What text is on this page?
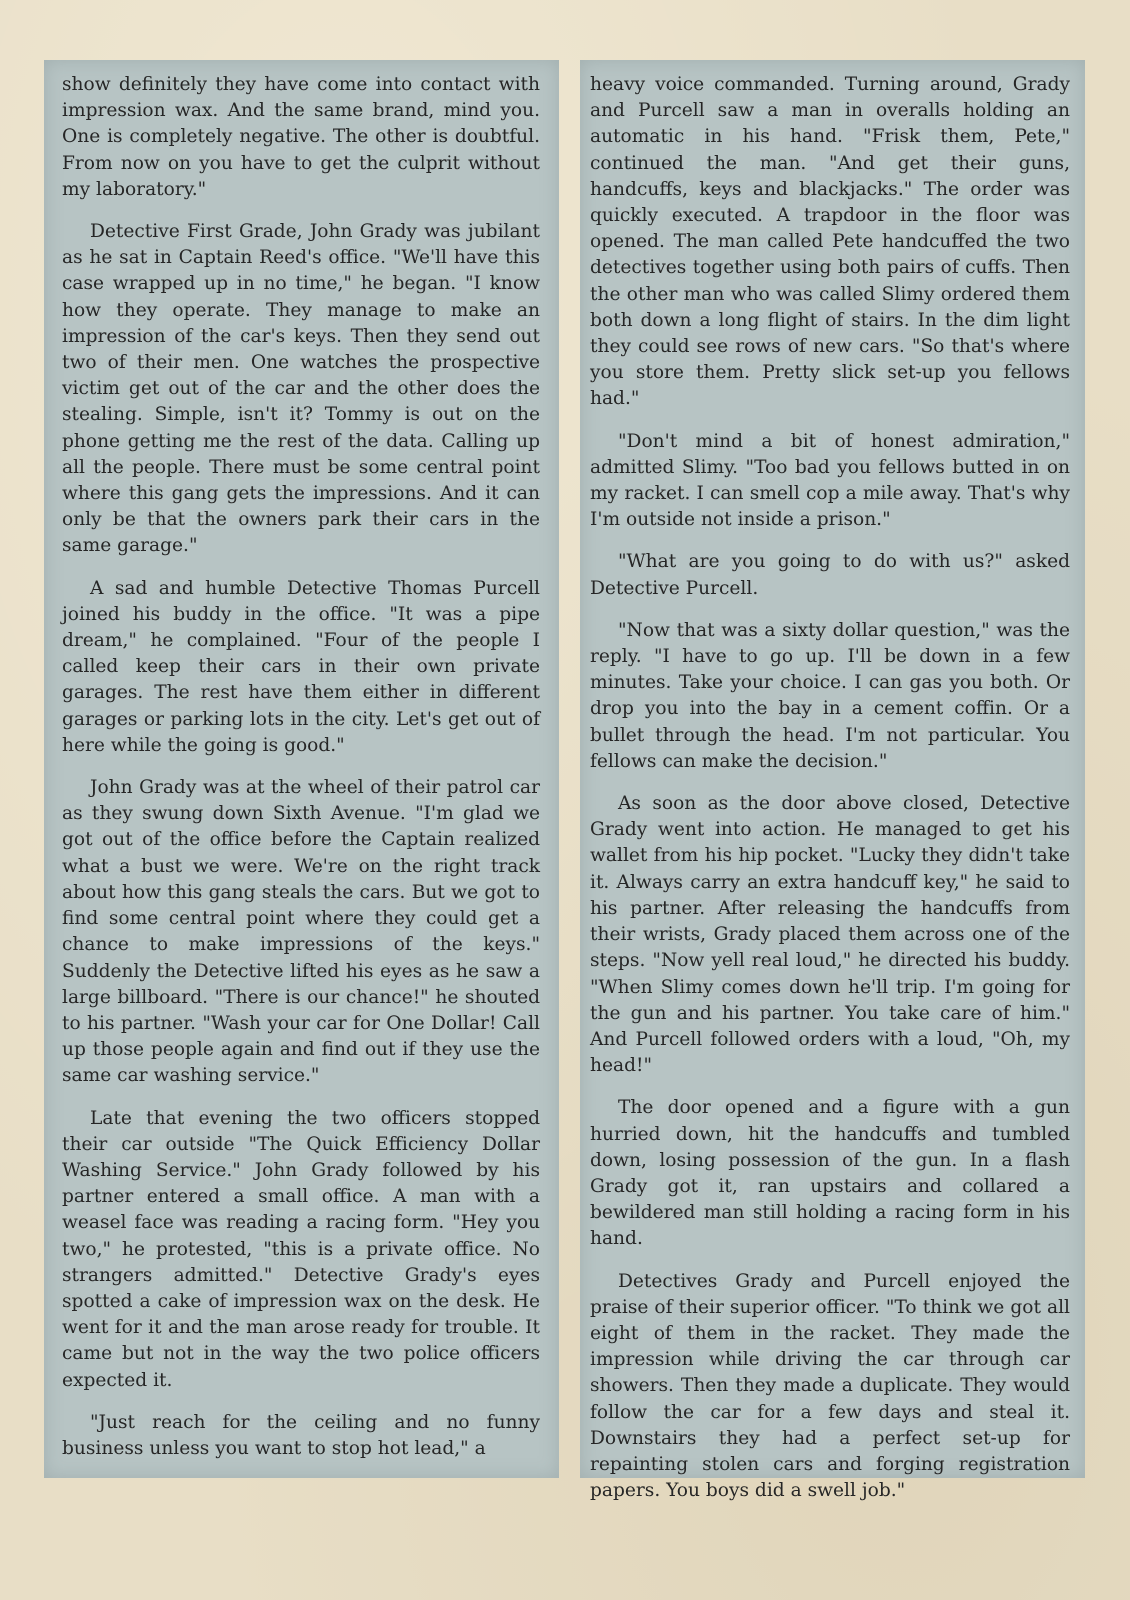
show definitely they have come into contact with impression wax. And the same brand, mind you. One is completely negative. The other is doubtful. From now on you have to get the culprit without my laboratory."

Detective First Grade, John Grady was jubilant as he sat in Captain Reed's office. "We'll have this case wrapped up in no time," he began. "I know how they operate. They manage to make an impression of the car's keys. Then they send out two of their men. One watches the prospective victim get out of the car and the other does the stealing. Simple, isn't it? Tommy is out on the phone getting me the rest of the data. Calling up all the people. There must be some central point where this gang gets the impressions. And it can only be that the owners park their cars in the same garage."

A sad and humble Detective Thomas Purcell joined his buddy in the office. "It was a pipe dream," he complained. "Four of the people I called keep their cars in their own private garages. The rest have them either in different garages or parking lots in the city. Let's get out of here while the going is good."

John Grady was at the wheel of their patrol car as they swung down Sixth Avenue. "I'm glad we got out of the office before the Captain realized what a bust we were. We're on the right track about how this gang steals the cars. But we got to find some central point where they could get a chance to make impressions of the keys." Suddenly the Detective lifted his eyes as he saw a large billboard. "There is our chance!" he shouted to his partner. "Wash your car for One Dollar! Call up those people again and find out if they use the same car washing service."

Late that evening the two officers stopped their car outside "The Quick Efficiency Dollar Washing Service." John Grady followed by his partner entered a small office. A man with a weasel face was reading a racing form. "Hey you two," he protested, "this is a private office. No strangers admitted." Detective Grady's eyes spotted a cake of impression wax on the desk. He went for it and the man arose ready for trouble. It came but not in the way the two police officers expected it.

"Just reach for the ceiling and no funny business unless you want to stop hot lead," a

heavy voice commanded. Turning around, Grady and Purcell saw a man in overalls holding an automatic in his hand. "Frisk them, Pete," continued the man. "And get their guns, handcuffs, keys and blackjacks." The order was quickly executed. A trapdoor in the floor was opened. The man called Pete handcuffed the two detectives together using both pairs of cuffs. Then the other man who was called Slimy ordered them both down a long flight of stairs. In the dim light they could see rows of new cars. "So that's where you store them. Pretty slick set-up you fellows had."

"Don't mind a bit of honest admiration," admitted Slimy. "Too bad you fellows butted in on my racket. I can smell cop a mile away. That's why I'm outside not inside a prison."

"What are you going to do with us?" asked Detective Purcell.

"Now that was a sixty dollar question," was the reply. "I have to go up. I'll be down in a few minutes. Take your choice. I can gas you both. Or drop you into the bay in a cement coffin. Or a bullet through the head. I'm not particular. You fellows can make the decision."

As soon as the door above closed, Detective Grady went into action. He managed to get his wallet from his hip pocket. "Lucky they didn't take it. Always carry an extra handcuff key," he said to his partner. After releasing the handcuffs from their wrists, Grady placed them across one of the steps. "Now yell real loud," he directed his buddy. "When Slimy comes down he'll trip. I'm going for the gun and his partner. You take care of him." And Purcell followed orders with a loud, "Oh, my head!"

The door opened and a figure with a gun hurried down, hit the handcuffs and tumbled down, losing possession of the gun. In a flash Grady got it, ran upstairs and collared a bewildered man still holding a racing form in his hand.

Detectives Grady and Purcell enjoyed the praise of their superior officer. "To think we got all eight of them in the racket. They made the impression while driving the car through car showers. Then they made a duplicate. They would follow the car for a few days and steal it. Downstairs they had a perfect set-up for repainting stolen cars and forging registration papers. You boys did a swell job."
